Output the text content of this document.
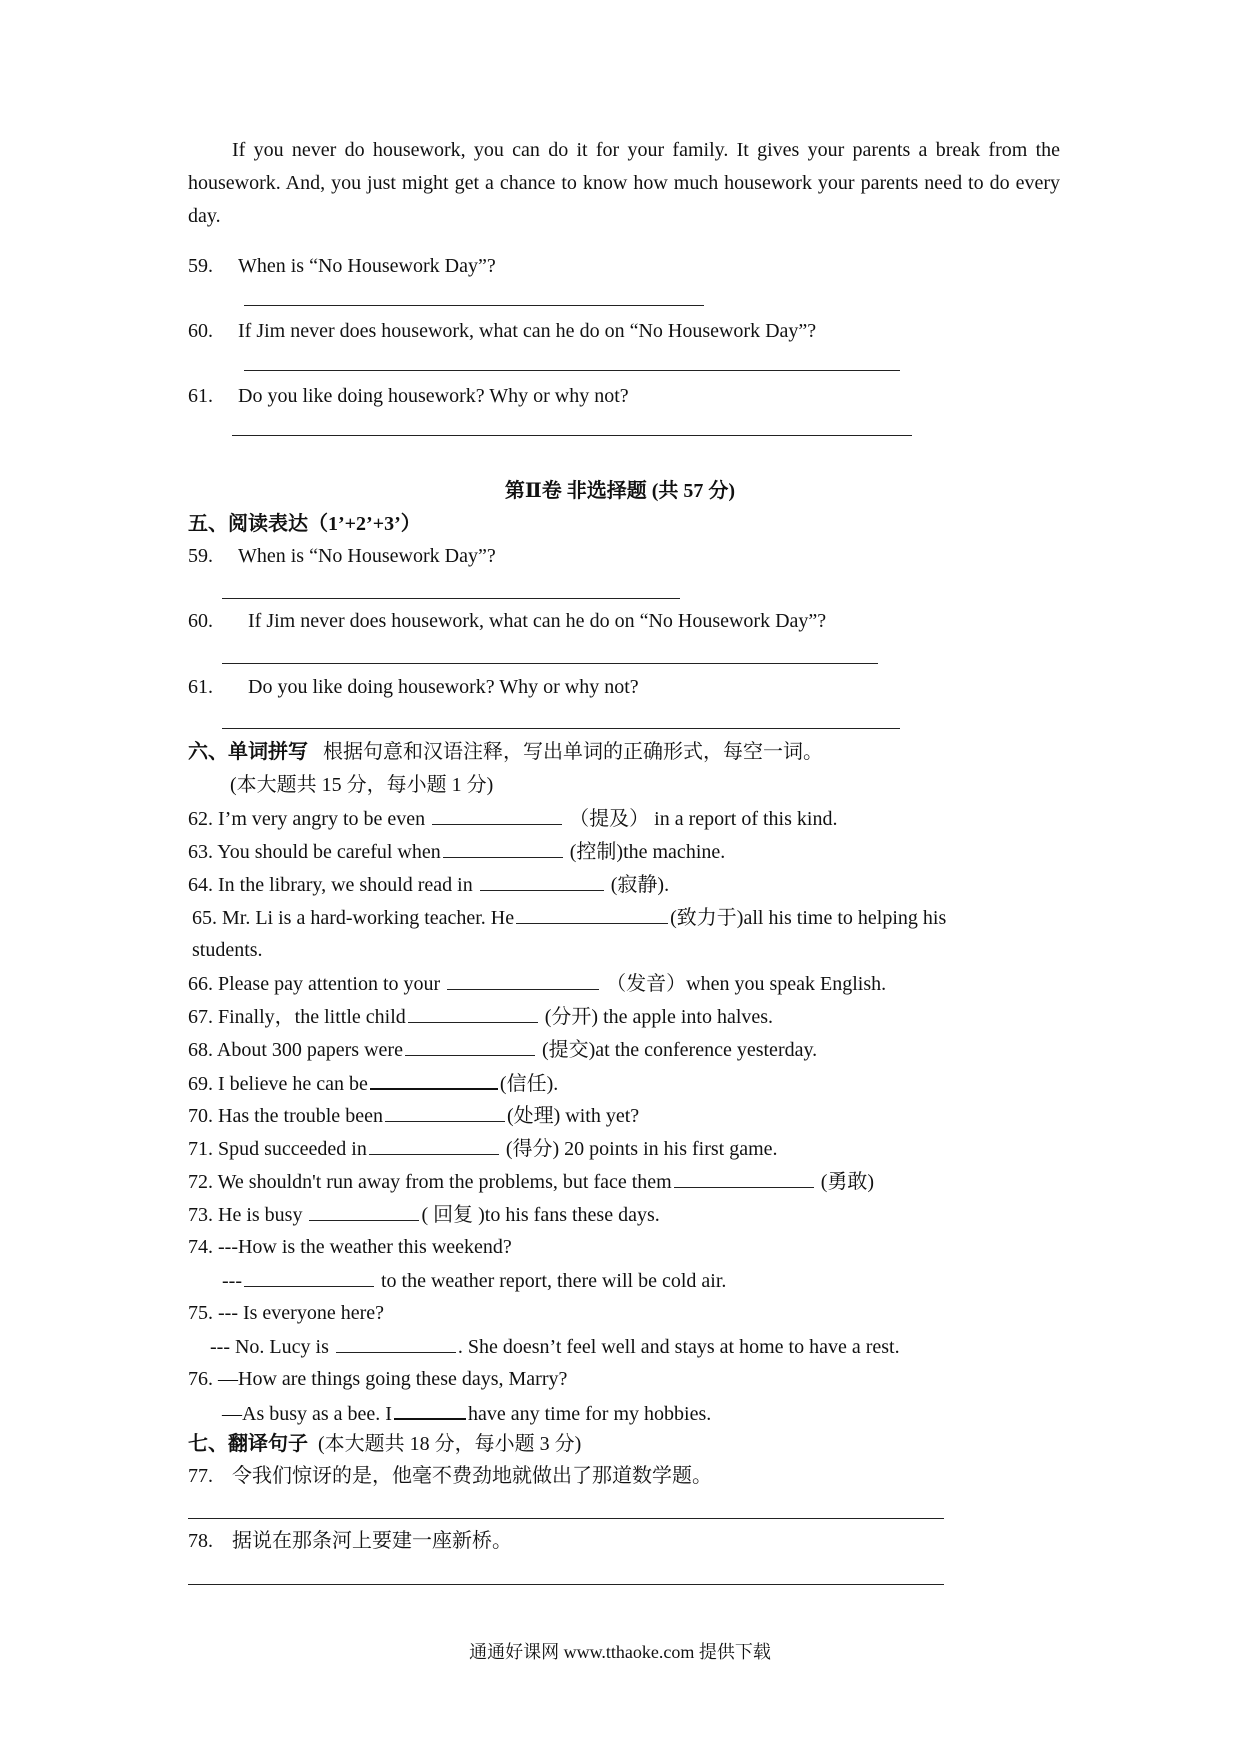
If you never do housework, you can do it for your family. It gives your parents a break from the housework. And, you just might get a chance to know how much housework your parents need to do every day.
59. When is “No Housework Day”?
60. If Jim never does housework, what can he do on “No Housework Day”?
61. Do you like doing housework? Why or why not?
第Ⅱ卷 非选择题 (共 57 分)
五、阅读表达（1’+2’+3’）
59. When is “No Housework Day”?
60. If Jim never does housework, what can he do on “No Housework Day”?
61. Do you like doing housework? Why or why not?
六、单词拼写 根据句意和汉语注释，写出单词的正确形式，每空一词。
(本大题共 15 分，每小题 1 分)
62. I’m very angry to be even	（提及） in a report of this kind.
63. You should be careful when	(控制)the machine.
64. In the library, we should read in	(寂静).
65. Mr. Li is a hard-working teacher. He	(致力于)all his time to helping his
students.
66. Please pay attention to your	（发音）when you speak English.
67. Finally，the little child	(分开) the apple into halves.
68. About 300 papers were	(提交)at the conference yesterday.
69. I believe he can be	(信任).
70. Has the trouble been	(处理) with yet?
71. Spud succeeded in	(得分) 20 points in his first game.
72. We shouldn't run away from the problems, but face them	(勇敢)
73. He is busy	( 回复 )to his fans these days.
74. ---How is the weather this weekend?
---	to the weather report, there will be cold air.
75. --- Is everyone here?
--- No. Lucy is	. She doesn’t feel well and stays at home to have a rest.
76. —How are things going these days, Marry?
—As busy as a bee. I	have any time for my hobbies.
七、翻译句子 (本大题共 18 分，每小题 3 分)
77. 令我们惊讶的是，他毫不费劲地就做出了那道数学题。
78. 据说在那条河上要建一座新桥。
通通好课网 www.tthaoke.com 提供下载
